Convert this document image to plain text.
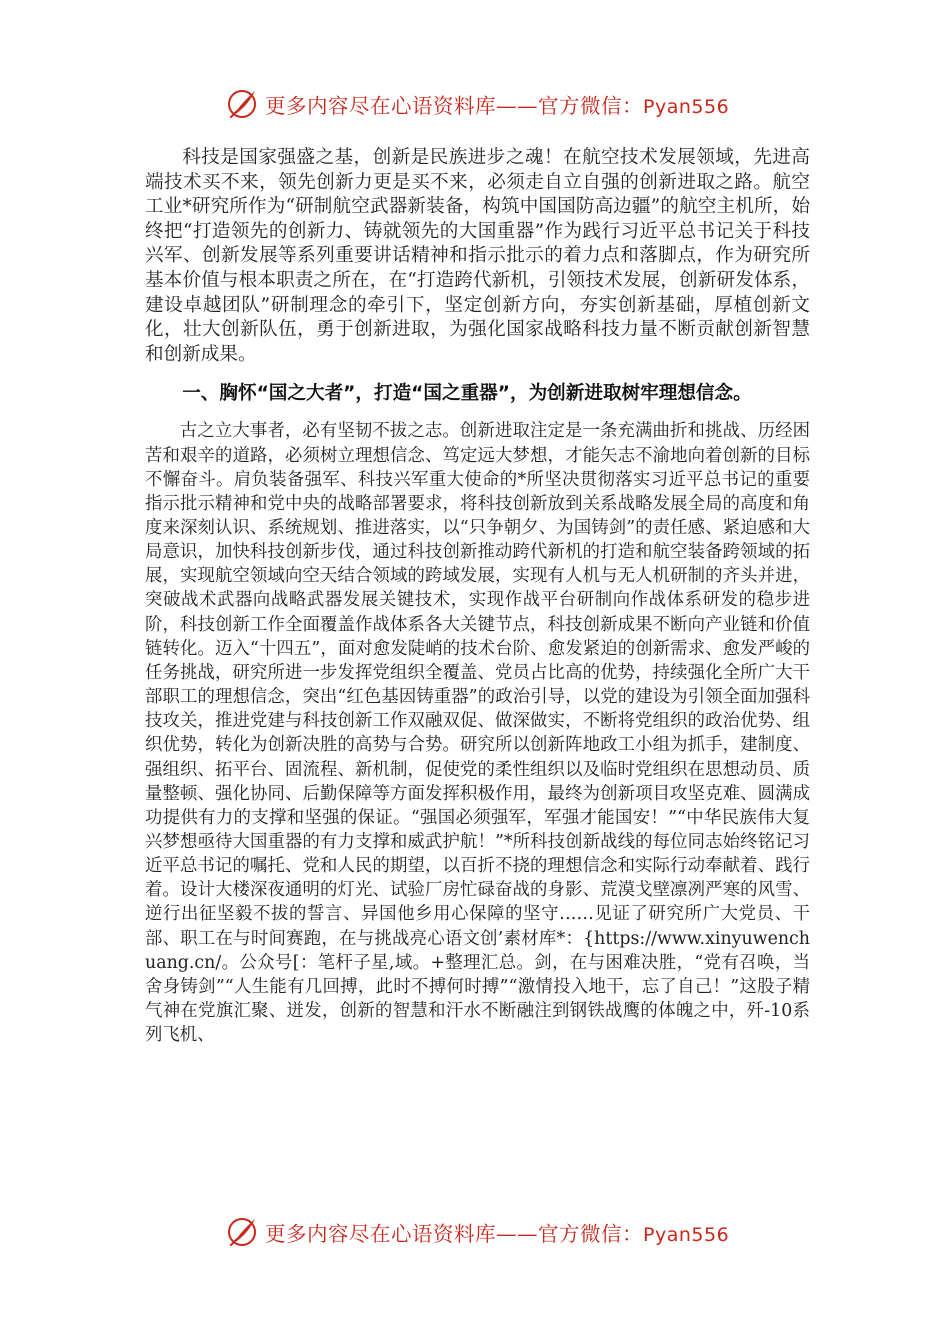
更多内容尽在心语资料库——官方微信：Pyan556

科技是国家强盛之基，创新是民族进步之魂！在航空技术发展领域，先进高端技术买不来，领先创新力更是买不来，必须走自立自强的创新进取之路。航空工业*研究所作为“研制航空武器新装备，构筑中国国防高边疆”的航空主机所，始终把“打造领先的创新力、铸就领先的大国重器”作为践行习近平总书记关于科技兴军、创新发展等系列重要讲话精神和指示批示的着力点和落脚点，作为研究所基本价值与根本职责之所在，在“打造跨代新机，引领技术发展，创新研发体系，建设卓越团队”研制理念的牵引下，坚定创新方向，夯实创新基础，厚植创新文化，壮大创新队伍，勇于创新进取，为强化国家战略科技力量不断贡献创新智慧和创新成果。

一、胸怀“国之大者”，打造“国之重器”，为创新进取树牢理想信念。

古之立大事者，必有坚韧不拔之志。创新进取注定是一条充满曲折和挑战、历经困苦和艰辛的道路，必须树立理想信念、笃定远大梦想，才能矢志不渝地向着创新的目标不懈奋斗。肩负装备强军、科技兴军重大使命的*所坚决贯彻落实习近平总书记的重要指示批示精神和党中央的战略部署要求，将科技创新放到关系战略发展全局的高度和角度来深刻认识、系统规划、推进落实，以“只争朝夕、为国铸剑”的责任感、紧迫感和大局意识，加快科技创新步伐，通过科技创新推动跨代新机的打造和航空装备跨领域的拓展，实现航空领域向空天结合领域的跨域发展，实现有人机与无人机研制的齐头并进，突破战术武器向战略武器发展关键技术，实现作战平台研制向作战体系研发的稳步进阶，科技创新工作全面覆盖作战体系各大关键节点，科技创新成果不断向产业链和价值链转化。迈入“十四五”，面对愈发陡峭的技术台阶、愈发紧迫的创新需求、愈发严峻的任务挑战，研究所进一步发挥党组织全覆盖、党员占比高的优势，持续强化全所广大干部职工的理想信念，突出“红色基因铸重器”的政治引导，以党的建设为引领全面加强科技攻关，推进党建与科技创新工作双融双促、做深做实，不断将党组织的政治优势、组织优势，转化为创新决胜的高势与合势。研究所以创新阵地政工小组为抓手，建制度、强组织、拓平台、固流程、新机制，促使党的柔性组织以及临时党组织在思想动员、质量整顿、强化协同、后勤保障等方面发挥积极作用，最终为创新项目攻坚克难、圆满成功提供有力的支撑和坚强的保证。“强国必须强军，军强才能国安！”“中华民族伟大复兴梦想亟待大国重器的有力支撑和威武护航！”*所科技创新战线的每位同志始终铭记习近平总书记的嘱托、党和人民的期望，以百折不挠的理想信念和实际行动奉献着、践行着。设计大楼深夜通明的灯光、试验厂房忙碌奋战的身影、荒漠戈壁凛冽严寒的风雪、逆行出征坚毅不拔的誓言、异国他乡用心保障的坚守……见证了研究所广大党员、干部、职工在与时间赛跑，在与挑战亮心语文创’素材库*：{https://www.xinyuwenchuang.cn/。公众号[：笔杆子星,域。+整理汇总。剑，在与困难决胜，“党有召唤，当舍身铸剑”“人生能有几回搏，此时不搏何时搏”“激情投入地干，忘了自己！”这股子精气神在党旗汇聚、迸发，创新的智慧和汗水不断融注到钢铁战鹰的体魄之中，歼-10系列飞机、

更多内容尽在心语资料库——官方微信：Pyan556
